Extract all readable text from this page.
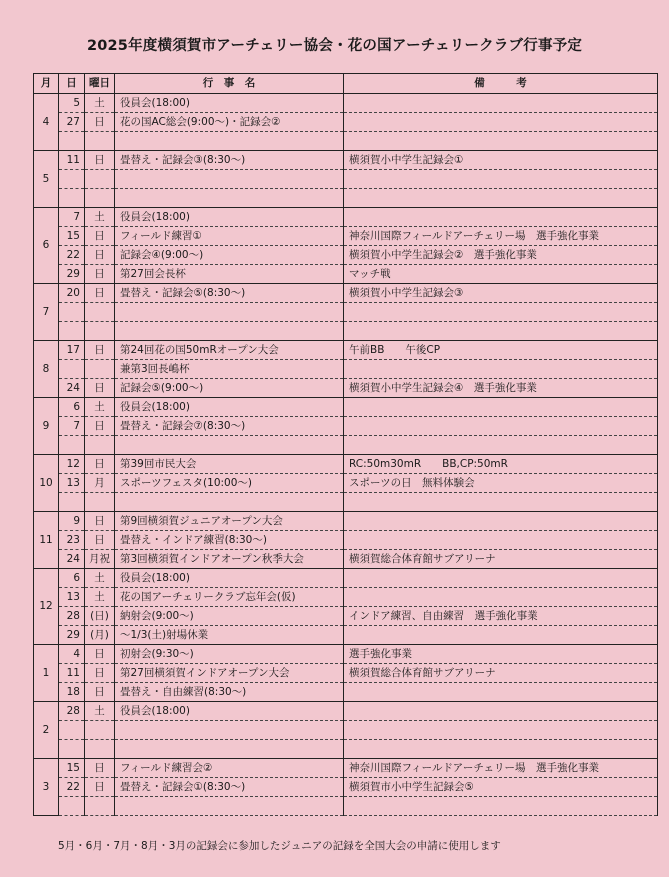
2025年度横須賀市アーチェリー協会・花の国アーチェリークラブ行事予定
月	日	曜日	行　事　名	備　　　考
4	5	土	役員会(18:00)	
	27	日	花の国AC総会(9:00～)・記録会②	

5	11	日	畳替え・記録会③(8:30～)	横須賀小中学生記録会①

6	7	土	役員会(18:00)	
	15	日	フィールド練習①	神奈川国際フィールドアーチェリー場　選手強化事業
	22	日	記録会④(9:00～)	横須賀小中学生記録会②　選手強化事業
	29	日	第27回会長杯	マッチ戦
7	20	日	畳替え・記録会⑤(8:30～)	横須賀小中学生記録会③

8	17	日	第24回花の国50mRオープン大会	午前BB　　午後CP
			兼第3回長嶋杯	
	24	日	記録会⑤(9:00～)	横須賀小中学生記録会④　選手強化事業
9	6	土	役員会(18:00)	
	7	日	畳替え・記録会⑦(8:30～)	

10	12	日	第39回市民大会	RC:50m30mR　　BB,CP:50mR
	13	月	スポーツフェスタ(10:00～)	スポーツの日　無料体験会

11	9	日	第9回横須賀ジュニアオープン大会	
	23	日	畳替え・インドア練習(8:30～)	
	24	月祝	第3回横須賀インドアオープン秋季大会	横須賀総合体育館サブアリーナ
12	6	土	役員会(18:00)	
	13	土	花の国アーチェリークラブ忘年会(仮)	
	28	(日)	納射会(9:00～)	インドア練習、自由練習　選手強化事業
	29	(月)	～1/3(土)射場休業	
1	4	日	初射会(9:30～)	選手強化事業
	11	日	第27回横須賀インドアオープン大会	横須賀総合体育館サブアリーナ
	18	日	畳替え・自由練習(8:30～)	
2	28	土	役員会(18:00)	

3	15	日	フィールド練習会②	神奈川国際フィールドアーチェリー場　選手強化事業
	22	日	畳替え・記録会①(8:30～)	横須賀市小中学生記録会⑤

5月・6月・7月・8月・3月の記録会に参加したジュニアの記録を全国大会の申請に使用します
